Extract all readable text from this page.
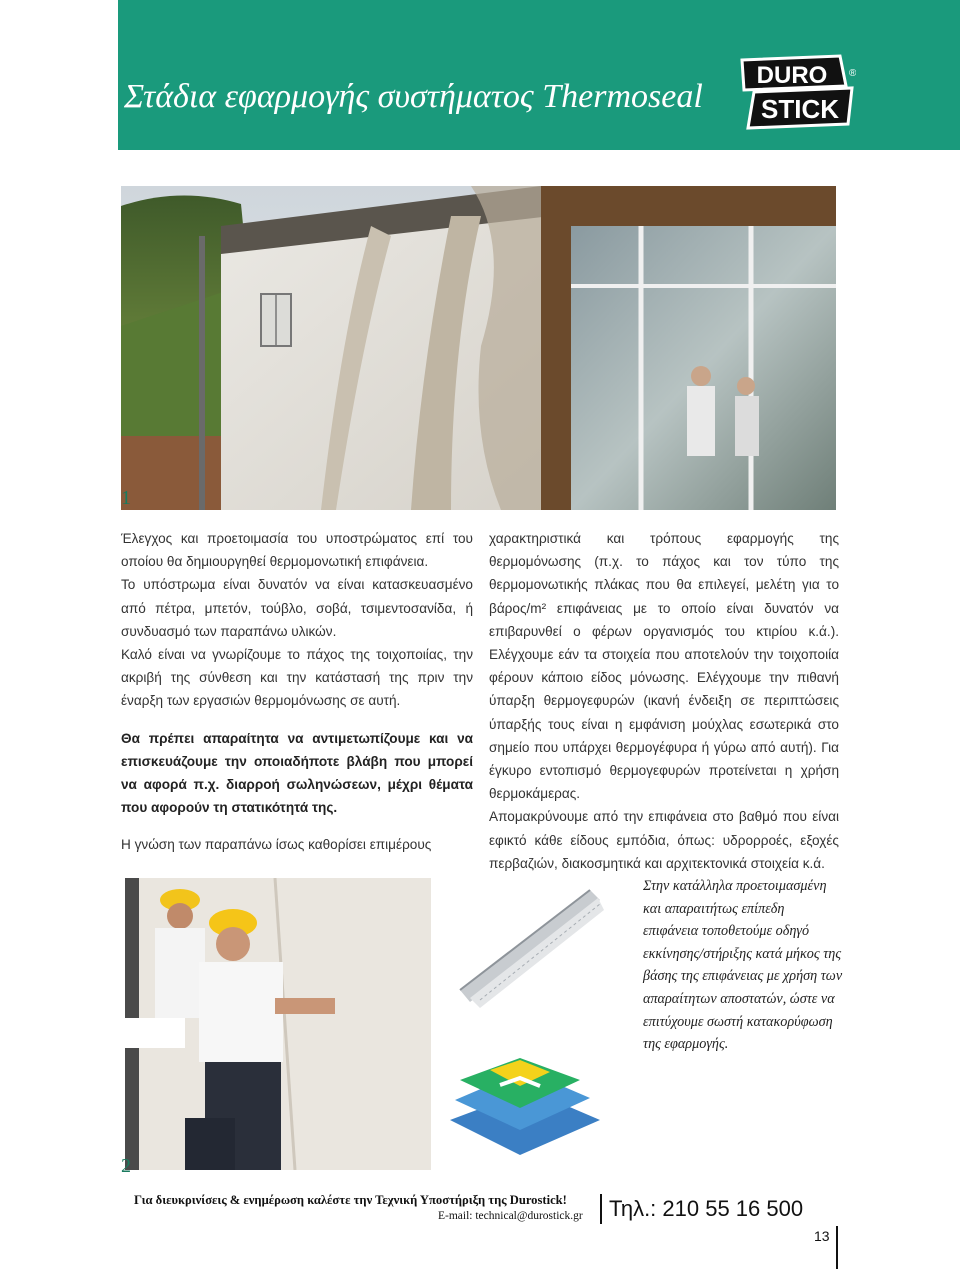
Στάδια εφαρμογής συστήματος Thermoseal
DURO
STICK
®
1

Έλεγχος και προετοιμασία του υποστρώματος επί του οποίου θα δημιουργηθεί θερμομονωτική επιφάνεια.

Το υπόστρωμα είναι δυνατόν να είναι κατασκευασμένο από πέτρα, μπετόν, τούβλο, σοβά, τσιμεντοσανίδα, ή συνδυασμό των παραπάνω υλικών.

Καλό είναι να γνωρίζουμε το πάχος της τοιχοποιίας, την ακριβή της σύνθεση και την κατάστασή της πριν την έναρξη των εργασιών θερμομόνωσης σε αυτή.

Θα πρέπει απαραίτητα να αντιμετωπίζουμε και να επισκευάζουμε την οποιαδήποτε βλάβη που μπορεί να αφορά π.χ. διαρροή σωληνώσεων, μέχρι θέματα που αφορούν τη στατικότητά της.

Η γνώση των παραπάνω ίσως καθορίσει επιμέρους

χαρακτηριστικά και τρόπους εφαρμογής της θερμομόνωσης (π.χ. το πάχος και τον τύπο της θερμομονωτικής πλάκας που θα επιλεγεί, μελέτη για το βάρος/m² επιφάνειας με το οποίο είναι δυνατόν να επιβαρυνθεί ο φέρων οργανισμός του κτιρίου κ.ά.). Ελέγχουμε εάν τα στοιχεία που αποτελούν την τοιχοποιία φέρουν κάποιο είδος μόνωσης. Ελέγχουμε την πιθανή ύπαρξη θερμογεφυρών (ικανή ένδειξη σε περιπτώσεις ύπαρξής τους είναι η εμφάνιση μούχλας εσωτερικά στο σημείο που υπάρχει θερμογέφυρα ή γύρω από αυτή). Για έγκυρο εντοπισμό θερμογεφυρών προτείνεται η χρήση θερμοκάμερας.

Απομακρύνουμε από την επιφάνεια στο βαθμό που είναι εφικτό κάθε είδους εμπόδια, όπως: υδρορροές, εξοχές περβαζιών, διακοσμητικά και αρχιτεκτονικά στοιχεία κ.ά.

Στην κατάλληλα προετοιμασμένη και απαραιτήτως επίπεδη επιφάνεια τοποθετούμε οδηγό εκκίνησης/στήριξης κατά μήκος της βάσης της επιφάνειας με χρήση των απαραίτητων αποστατών, ώστε να επιτύχουμε σωστή κατακορύφωση της εφαρμογής.
2
Για διευκρινίσεις & ενημέρωση καλέστε την Τεχνική Υποστήριξη της Durostick!
E-mail: technical@durostick.gr Τηλ.: 210 55 16 500
13
